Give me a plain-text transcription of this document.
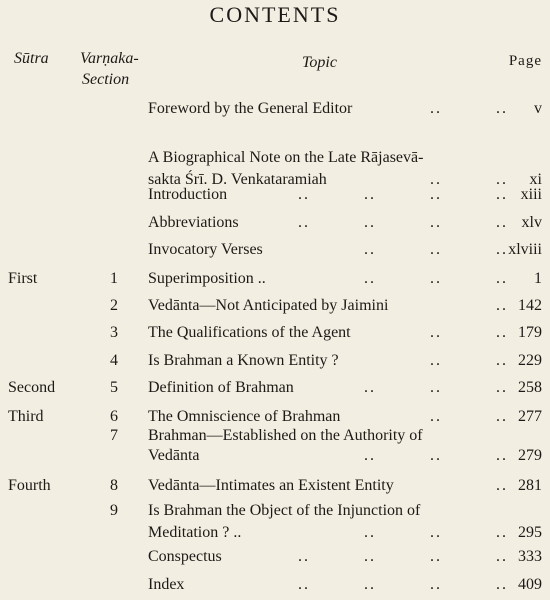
CONTENTS
Sūtra Varṇaka-
Section
Topic	Page
Foreword by the General Editor	..         .. v
A Biographical Note on the Late Rājasevā-
sakta Śrī. D. Venkataramiah	..         .. xi
Introduction	..         ..         ..         .. xiii
Abbreviations	..         ..         ..         .. xlv
Invocatory Verses	..         ..         .. xlviii
First	1	Superimposition ..	..         ..         .. 1
2	Vedānta—Not Anticipated by Jaimini	.. 142
3	The Qualifications of the Agent	..         .. 179
4	Is Brahman a Known Entity ?	..         .. 229
Second	5	Definition of Brahman	..         ..         .. 258
Third	6	The Omniscience of Brahman	..         .. 277
7	Brahman—Established on the Authority of
Vedānta	..         ..         .. 279
Fourth	8	Vedānta—Intimates an Existent Entity	.. 281
9	Is Brahman the Object of the Injunction of
Meditation ? ..	..         ..         .. 295
Conspectus	..         ..         ..         .. 333
Index	..         ..         ..         .. 409
